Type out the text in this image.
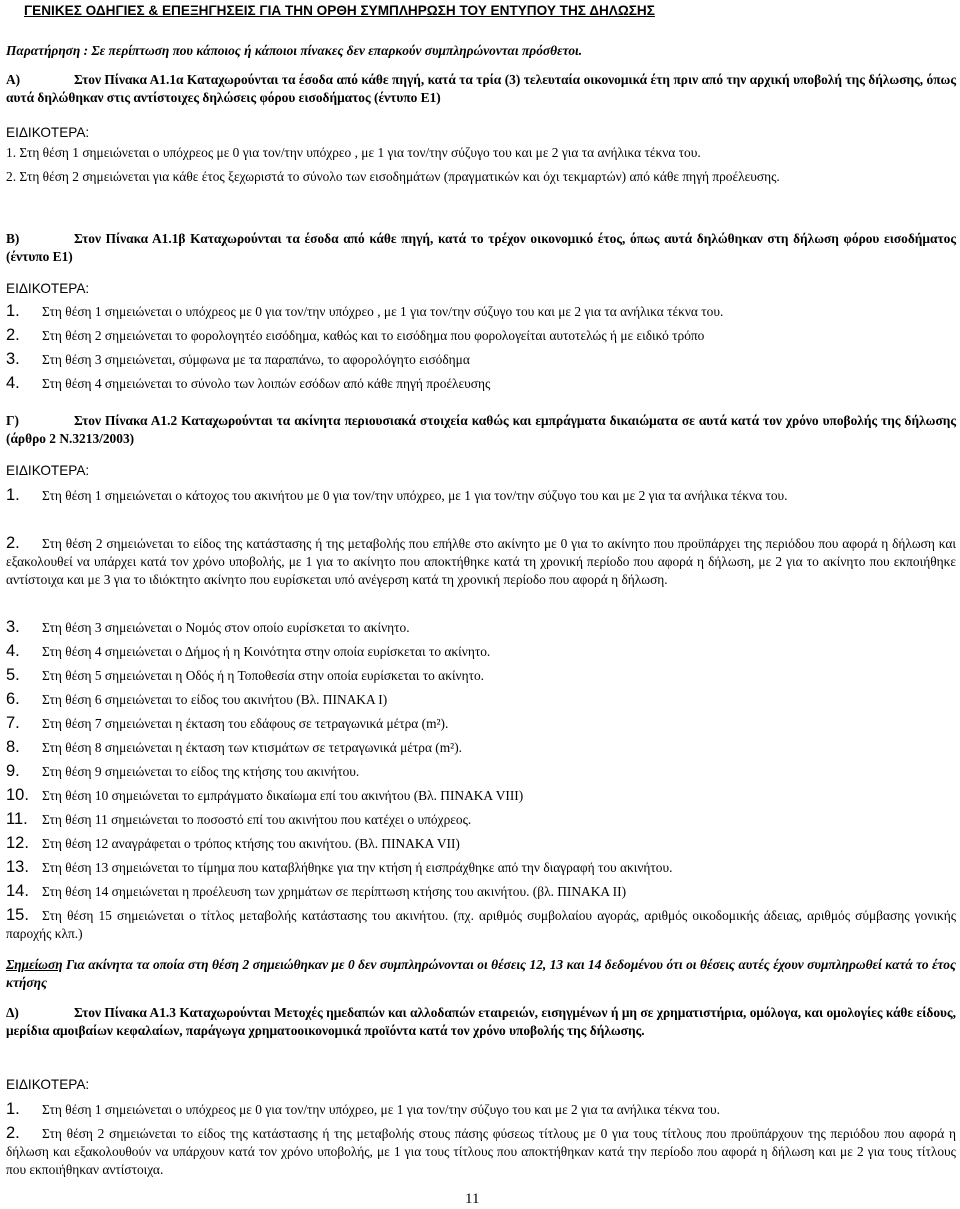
ΓΕΝΙΚΕΣ ΟΔΗΓΙΕΣ & ΕΠΕΞΗΓΗΣΕΙΣ ΓΙΑ ΤΗΝ ΟΡΘΗ ΣΥΜΠΛΗΡΩΣΗ ΤΟΥ ΕΝΤΥΠΟΥ ΤΗΣ ΔΗΛΩΣΗΣ
Παρατήρηση : Σε περίπτωση που κάποιος ή κάποιοι πίνακες δεν επαρκούν συμπληρώνονται πρόσθετοι.
A)	Στον Πίνακα Α1.1α Καταχωρούνται τα έσοδα από κάθε πηγή, κατά τα τρία (3) τελευταία οικονομικά έτη πριν από την αρχική υποβολή της δήλωσης, όπως αυτά δηλώθηκαν στις αντίστοιχες δηλώσεις φόρου εισοδήματος (έντυπο Ε1)
ΕΙΔΙΚΟΤΕΡΑ:
1. Στη θέση 1 σημειώνεται ο υπόχρεος με 0 για τον/την υπόχρεο , με 1 για τον/την σύζυγο του και με 2 για τα ανήλικα τέκνα του.
2. Στη θέση 2 σημειώνεται για κάθε έτος ξεχωριστά το σύνολο των εισοδημάτων (πραγματικών και όχι τεκμαρτών) από κάθε πηγή προέλευσης.
B)	Στον Πίνακα Α1.1β Καταχωρούνται τα έσοδα από κάθε πηγή, κατά το τρέχον οικονομικό έτος, όπως αυτά δηλώθηκαν στη δήλωση φόρου εισοδήματος (έντυπο Ε1)
ΕΙΔΙΚΟΤΕΡΑ:
1. Στη θέση 1 σημειώνεται ο υπόχρεος με 0 για τον/την υπόχρεο , με 1 για τον/την σύζυγο του και με 2 για τα ανήλικα τέκνα του.
2. Στη θέση 2 σημειώνεται το φορολογητέο εισόδημα, καθώς και το εισόδημα που φορολογείται αυτοτελώς ή με ειδικό τρόπο
3. Στη θέση 3 σημειώνεται, σύμφωνα με τα παραπάνω, το αφορολόγητο εισόδημα
4. Στη θέση 4 σημειώνεται το σύνολο των λοιπών εσόδων από κάθε πηγή προέλευσης
Γ)	Στον Πίνακα Α1.2 Καταχωρούνται τα ακίνητα περιουσιακά στοιχεία καθώς και εμπράγματα δικαιώματα σε αυτά κατά τον χρόνο υποβολής της δήλωσης (άρθρο 2 Ν.3213/2003)
ΕΙΔΙΚΟΤΕΡΑ:
1. Στη θέση 1 σημειώνεται ο κάτοχος του ακινήτου με 0 για τον/την υπόχρεο, με 1 για τον/την σύζυγο του και με 2 για τα ανήλικα τέκνα του.
2. Στη θέση 2 σημειώνεται το είδος της κατάστασης ή της μεταβολής που επήλθε στο ακίνητο με 0 για το ακίνητο που προϋπάρχει της περιόδου που αφορά η δήλωση και εξακολουθεί να υπάρχει κατά τον χρόνο υποβολής, με 1 για το ακίνητο που αποκτήθηκε κατά τη χρονική περίοδο που αφορά η δήλωση, με 2 για το ακίνητο που εκποιήθηκε αντίστοιχα και με 3 για το ιδιόκτητο ακίνητο που ευρίσκεται υπό ανέγερση κατά τη χρονική περίοδο που αφορά η δήλωση.
3. Στη θέση 3 σημειώνεται ο Νομός στον οποίο ευρίσκεται το ακίνητο.
4. Στη θέση 4 σημειώνεται ο Δήμος ή η Κοινότητα στην οποία ευρίσκεται το ακίνητο.
5. Στη θέση 5 σημειώνεται η Οδός ή η Τοποθεσία στην οποία ευρίσκεται το ακίνητο.
6. Στη θέση 6 σημειώνεται το είδος του ακινήτου (Βλ. ΠΙΝΑΚΑ Ι)
7. Στη θέση 7 σημειώνεται η έκταση του εδάφους σε τετραγωνικά μέτρα (m²).
8. Στη θέση 8 σημειώνεται η έκταση των κτισμάτων σε τετραγωνικά μέτρα (m²).
9. Στη θέση 9 σημειώνεται το είδος της κτήσης του ακινήτου.
10. Στη θέση 10 σημειώνεται το εμπράγματο δικαίωμα επί του ακινήτου (Βλ. ΠΙΝΑΚΑ VIII)
11. Στη θέση 11 σημειώνεται το ποσοστό επί του ακινήτου που κατέχει ο υπόχρεος.
12. Στη θέση 12 αναγράφεται ο τρόπος κτήσης του ακινήτου. (Βλ. ΠΙΝΑΚΑ VII)
13. Στη θέση 13 σημειώνεται το τίμημα που καταβλήθηκε για την κτήση ή εισπράχθηκε από την διαγραφή του ακινήτου.
14. Στη θέση 14 σημειώνεται η προέλευση των χρημάτων σε περίπτωση κτήσης του ακινήτου. (βλ. ΠΙΝΑΚΑ ΙΙ)
15. Στη θέση 15 σημειώνεται ο τίτλος μεταβολής κατάστασης του ακινήτου. (πχ. αριθμός συμβολαίου αγοράς, αριθμός οικοδομικής άδειας, αριθμός σύμβασης γονικής παροχής κλπ.)
Σημείωση Για ακίνητα τα οποία στη θέση 2 σημειώθηκαν με 0 δεν συμπληρώνονται οι θέσεις 12, 13 και 14 δεδομένου ότι οι θέσεις αυτές έχουν συμπληρωθεί κατά το έτος κτήσης
Δ)	Στον Πίνακα Α1.3 Καταχωρούνται Μετοχές ημεδαπών και αλλοδαπών εταιρειών, εισηγμένων ή μη σε χρηματιστήρια, ομόλογα, και ομολογίες κάθε είδους, μερίδια αμοιβαίων κεφαλαίων, παράγωγα χρηματοοικονομικά προϊόντα κατά τον χρόνο υποβολής της δήλωσης.
ΕΙΔΙΚΟΤΕΡΑ:
1. Στη θέση 1 σημειώνεται ο υπόχρεος με 0 για τον/την υπόχρεο, με 1 για τον/την σύζυγο του και με 2 για τα ανήλικα τέκνα του.
2. Στη θέση 2 σημειώνεται το είδος της κατάστασης ή της μεταβολής στους πάσης φύσεως τίτλους με 0 για τους τίτλους που προϋπάρχουν της περιόδου που αφορά η δήλωση και εξακολουθούν να υπάρχουν κατά τον χρόνο υποβολής, με 1 για τους τίτλους που αποκτήθηκαν κατά την περίοδο που αφορά η δήλωση και με 2 για τους τίτλους που εκποιήθηκαν αντίστοιχα.
11
